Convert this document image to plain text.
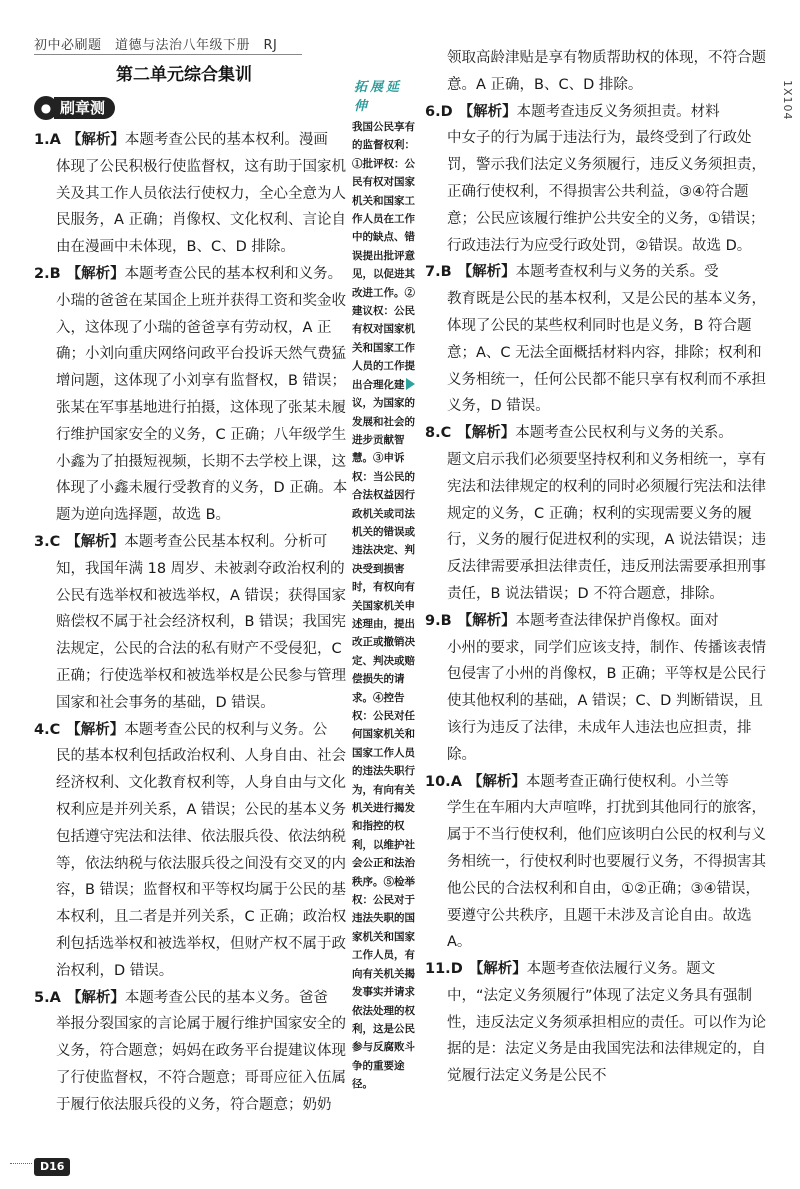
初中必刷题　道德与法治八年级下册　RJ
第二单元综合集训
● 刷章测
1.A 【解析】本题考查公民的基本权利。漫画
体现了公民积极行使监督权，这有助于国家机关及其工作人员依法行使权力，全心全意为人民服务，A 正确；肖像权、文化权利、言论自由在漫画中未体现，B、C、D 排除。
2.B 【解析】本题考查公民的基本权利和义务。
小瑞的爸爸在某国企上班并获得工资和奖金收入，这体现了小瑞的爸爸享有劳动权，A 正确；小刘向重庆网络问政平台投诉天然气费猛增问题，这体现了小刘享有监督权，B 错误；张某在军事基地进行拍摄，这体现了张某未履行维护国家安全的义务，C 正确；八年级学生小鑫为了拍摄短视频，长期不去学校上课，这体现了小鑫未履行受教育的义务，D 正确。本题为逆向选择题，故选 B。
3.C 【解析】本题考查公民基本权利。分析可
知，我国年满 18 周岁、未被剥夺政治权利的公民有选举权和被选举权，A 错误；获得国家赔偿权不属于社会经济权利，B 错误；我国宪法规定，公民的合法的私有财产不受侵犯，C 正确；行使选举权和被选举权是公民参与管理国家和社会事务的基础，D 错误。
4.C 【解析】本题考查公民的权利与义务。公
民的基本权利包括政治权利、人身自由、社会经济权利、文化教育权利等，人身自由与文化权利应是并列关系，A 错误；公民的基本义务包括遵守宪法和法律、依法服兵役、依法纳税等，依法纳税与依法服兵役之间没有交叉的内容，B 错误；监督权和平等权均属于公民的基本权利，且二者是并列关系，C 正确；政治权利包括选举权和被选举权，但财产权不属于政治权利，D 错误。
5.A 【解析】本题考查公民的基本义务。爸爸
举报分裂国家的言论属于履行维护国家安全的义务，符合题意；妈妈在政务平台提建议体现了行使监督权，不符合题意；哥哥应征入伍属于履行依法服兵役的义务，符合题意；奶奶
拓展延伸
我国公民享有的监督权利：①批评权：公民有权对国家机关和国家工作人员在工作中的缺点、错误提出批评意见，以促进其改进工作。②建议权：公民有权对国家机关和国家工作人员的工作提出合理化建议，为国家的发展和社会的进步贡献智慧。③申诉权：当公民的合法权益因行政机关或司法机关的错误或违法决定、判决受到损害时，有权向有关国家机关申述理由，提出改正或撤销决定、判决或赔偿损失的请求。④控告权：公民对任何国家机关和国家工作人员的违法失职行为，有向有关机关进行揭发和指控的权利，以维护社会公正和法治秩序。⑤检举权：公民对于违法失职的国家机关和国家工作人员，有向有关机关揭发事实并请求依法处理的权利，这是公民参与反腐败斗争的重要途径。
领取高龄津贴是享有物质帮助权的体现，不符合题意。A 正确，B、C、D 排除。
6.D 【解析】本题考查违反义务须担责。材料
中女子的行为属于违法行为，最终受到了行政处罚，警示我们法定义务须履行，违反义务须担责，正确行使权利，不得损害公共利益，③④符合题意；公民应该履行维护公共安全的义务，①错误；行政违法行为应受行政处罚，②错误。故选 D。
7.B 【解析】本题考查权利与义务的关系。受
教育既是公民的基本权利，又是公民的基本义务，体现了公民的某些权利同时也是义务，B 符合题意；A、C 无法全面概括材料内容，排除；权利和义务相统一，任何公民都不能只享有权利而不承担义务，D 错误。
8.C 【解析】本题考查公民权利与义务的关系。
题文启示我们必须要坚持权利和义务相统一，享有宪法和法律规定的权利的同时必须履行宪法和法律规定的义务，C 正确；权利的实现需要义务的履行，义务的履行促进权利的实现，A 说法错误；违反法律需要承担法律责任，违反刑法需要承担刑事责任，B 说法错误；D 不符合题意，排除。
9.B 【解析】本题考查法律保护肖像权。面对
小州的要求，同学们应该支持，制作、传播该表情包侵害了小州的肖像权，B 正确；平等权是公民行使其他权利的基础，A 错误；C、D 判断错误，且该行为违反了法律，未成年人违法也应担责，排除。
10.A 【解析】本题考查正确行使权利。小兰等
学生在车厢内大声喧哗，打扰到其他同行的旅客，属于不当行使权利，他们应该明白公民的权利与义务相统一，行使权利时也要履行义务，不得损害其他公民的合法权利和自由，①②正确；③④错误，要遵守公共秩序，且题干未涉及言论自由。故选 A。
11.D 【解析】本题考查依法履行义务。题文
中，“法定义务须履行”体现了法定义务具有强制性，违反法定义务须承担相应的责任。可以作为论据的是：法定义务是由我国宪法和法律规定的，自觉履行法定义务是公民不
1X104
D16
